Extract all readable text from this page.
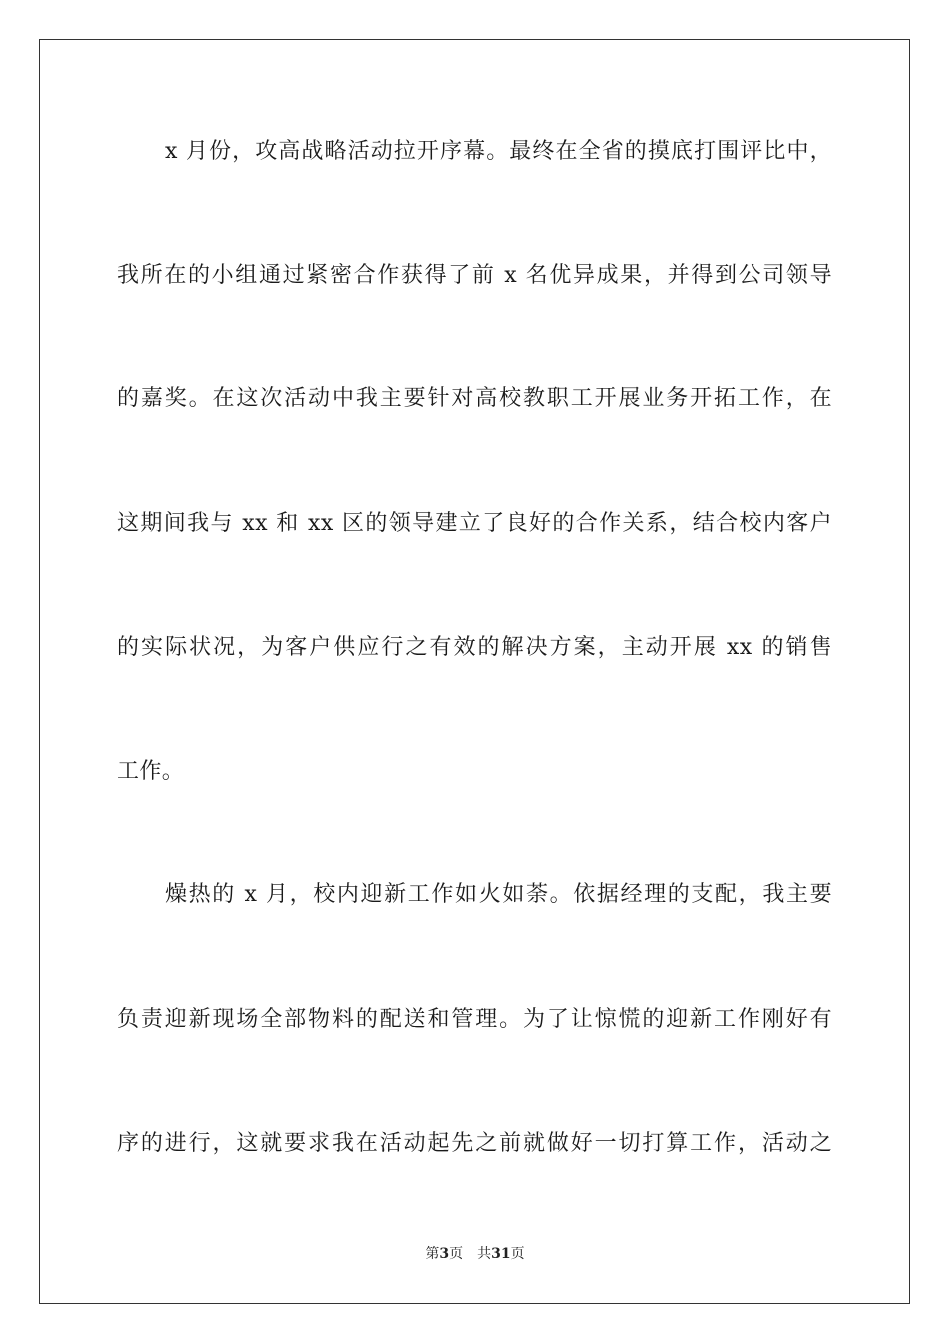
x 月份，攻高战略活动拉开序幕。最终在全省的摸底打围评比中，
我所在的小组通过紧密合作获得了前 x 名优异成果，并得到公司领导
的嘉奖。在这次活动中我主要针对高校教职工开展业务开拓工作，在
这期间我与 xx 和 xx 区的领导建立了良好的合作关系，结合校内客户
的实际状况，为客户供应行之有效的解决方案，主动开展 xx 的销售
工作。
燥热的 x 月，校内迎新工作如火如荼。依据经理的支配，我主要
负责迎新现场全部物料的配送和管理。为了让惊慌的迎新工作刚好有
序的进行，这就要求我在活动起先之前就做好一切打算工作，活动之
第3页 共31页
